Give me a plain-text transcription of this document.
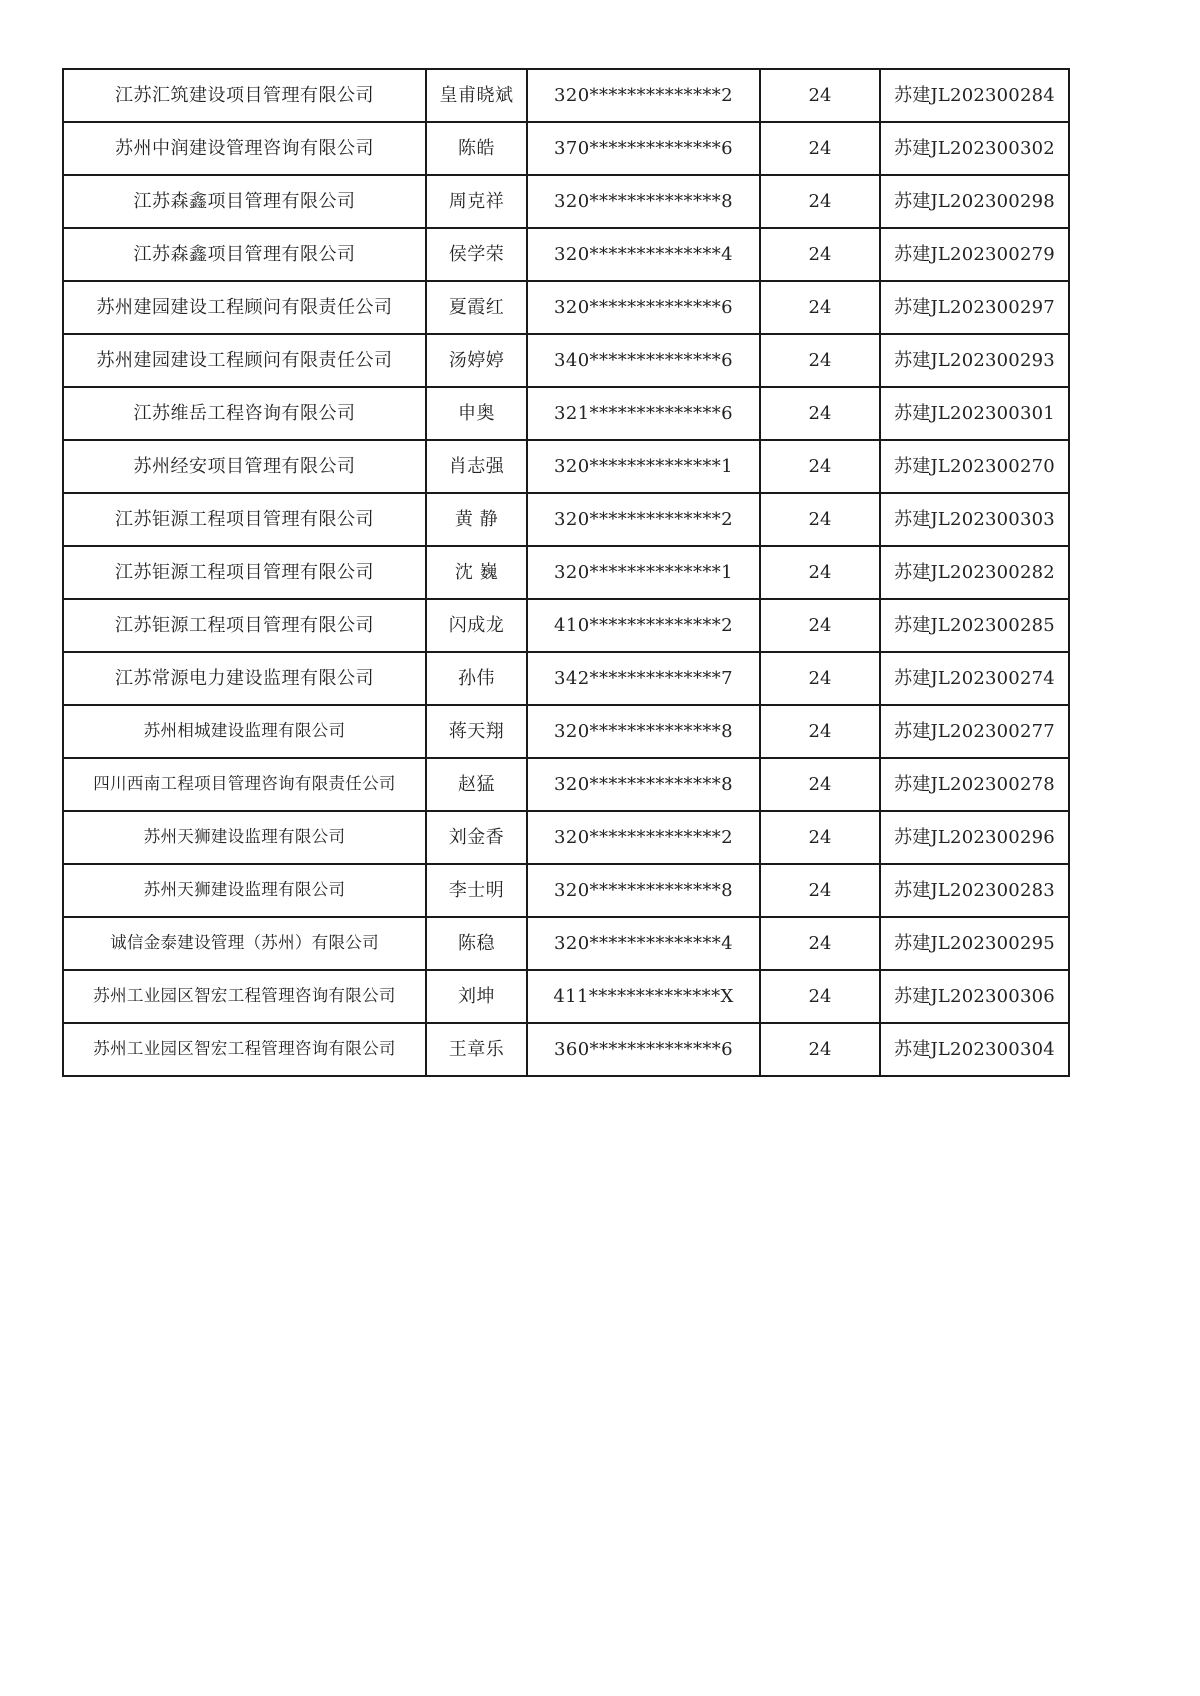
江苏汇筑建设项目管理有限公司	皇甫晓斌	320**************2	24	苏建JL202300284
苏州中润建设管理咨询有限公司	陈皓	370**************6	24	苏建JL202300302
江苏森鑫项目管理有限公司	周克祥	320**************8	24	苏建JL202300298
江苏森鑫项目管理有限公司	侯学荣	320**************4	24	苏建JL202300279
苏州建园建设工程顾问有限责任公司	夏霞红	320**************6	24	苏建JL202300297
苏州建园建设工程顾问有限责任公司	汤婷婷	340**************6	24	苏建JL202300293
江苏维岳工程咨询有限公司	申奥	321**************6	24	苏建JL202300301
苏州经安项目管理有限公司	肖志强	320**************1	24	苏建JL202300270
江苏钜源工程项目管理有限公司	黄 静	320**************2	24	苏建JL202300303
江苏钜源工程项目管理有限公司	沈 巍	320**************1	24	苏建JL202300282
江苏钜源工程项目管理有限公司	闪成龙	410**************2	24	苏建JL202300285
江苏常源电力建设监理有限公司	孙伟	342**************7	24	苏建JL202300274
苏州相城建设监理有限公司	蒋天翔	320**************8	24	苏建JL202300277
四川西南工程项目管理咨询有限责任公司	赵猛	320**************8	24	苏建JL202300278
苏州天狮建设监理有限公司	刘金香	320**************2	24	苏建JL202300296
苏州天狮建设监理有限公司	李士明	320**************8	24	苏建JL202300283
诚信金泰建设管理（苏州）有限公司	陈稳	320**************4	24	苏建JL202300295
苏州工业园区智宏工程管理咨询有限公司	刘坤	411**************X	24	苏建JL202300306
苏州工业园区智宏工程管理咨询有限公司	王章乐	360**************6	24	苏建JL202300304
